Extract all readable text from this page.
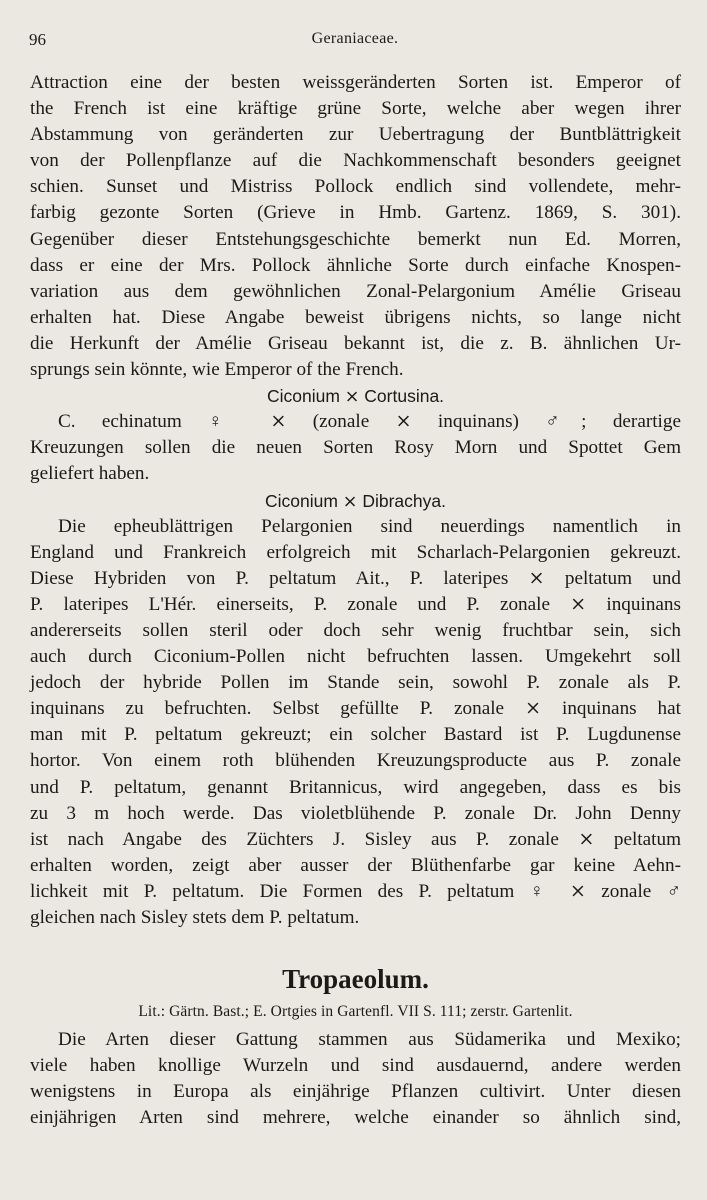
96	Geraniaceae.
Attraction eine der besten weissgeränderten Sorten ist. Emperor of
the French ist eine kräftige grüne Sorte, welche aber wegen ihrer
Abstammung von geränderten zur Uebertragung der Buntblättrigkeit
von der Pollenpflanze auf die Nachkommenschaft besonders geeignet
schien. Sunset und Mistriss Pollock endlich sind vollendete, mehr-
farbig gezonte Sorten (Grieve in Hmb. Gartenz. 1869, S. 301).
Gegenüber dieser Entstehungsgeschichte bemerkt nun Ed. Morren,
dass er eine der Mrs. Pollock ähnliche Sorte durch einfache Knospen-
variation aus dem gewöhnlichen Zonal-Pelargonium Amélie Griseau
erhalten hat. Diese Angabe beweist übrigens nichts, so lange nicht
die Herkunft der Amélie Griseau bekannt ist, die z. B. ähnlichen Ur-
sprungs sein könnte, wie Emperor of the French.
Ciconium ⨯ Cortusina.
C. echinatum ♀ ⨯ (zonale ⨯ inquinans) ♂; derartige
Kreuzungen sollen die neuen Sorten Rosy Morn und Spottet Gem
geliefert haben.
Ciconium ⨯ Dibrachya.
Die epheublättrigen Pelargonien sind neuerdings namentlich in
England und Frankreich erfolgreich mit Scharlach-Pelargonien gekreuzt.
Diese Hybriden von P. peltatum Ait., P. lateripes ⨯ peltatum und
P. lateripes L'Hér. einerseits, P. zonale und P. zonale ⨯ inquinans
andererseits sollen steril oder doch sehr wenig fruchtbar sein, sich
auch durch Ciconium-Pollen nicht befruchten lassen. Umgekehrt soll
jedoch der hybride Pollen im Stande sein, sowohl P. zonale als P.
inquinans zu befruchten. Selbst gefüllte P. zonale ⨯ inquinans hat
man mit P. peltatum gekreuzt; ein solcher Bastard ist P. Lugdunense
hortor. Von einem roth blühenden Kreuzungsproducte aus P. zonale
und P. peltatum, genannt Britannicus, wird angegeben, dass es bis
zu 3 m hoch werde. Das violetblühende P. zonale Dr. John Denny
ist nach Angabe des Züchters J. Sisley aus P. zonale ⨯ peltatum
erhalten worden, zeigt aber ausser der Blüthenfarbe gar keine Aehn-
lichkeit mit P. peltatum. Die Formen des P. peltatum ♀ ⨯ zonale ♂
gleichen nach Sisley stets dem P. peltatum.
Tropaeolum.
Lit.: Gärtn. Bast.; E. Ortgies in Gartenfl. VII S. 111; zerstr. Gartenlit.
Die Arten dieser Gattung stammen aus Südamerika und Mexiko;
viele haben knollige Wurzeln und sind ausdauernd, andere werden
wenigstens in Europa als einjährige Pflanzen cultivirt. Unter diesen
einjährigen Arten sind mehrere, welche einander so ähnlich sind,
